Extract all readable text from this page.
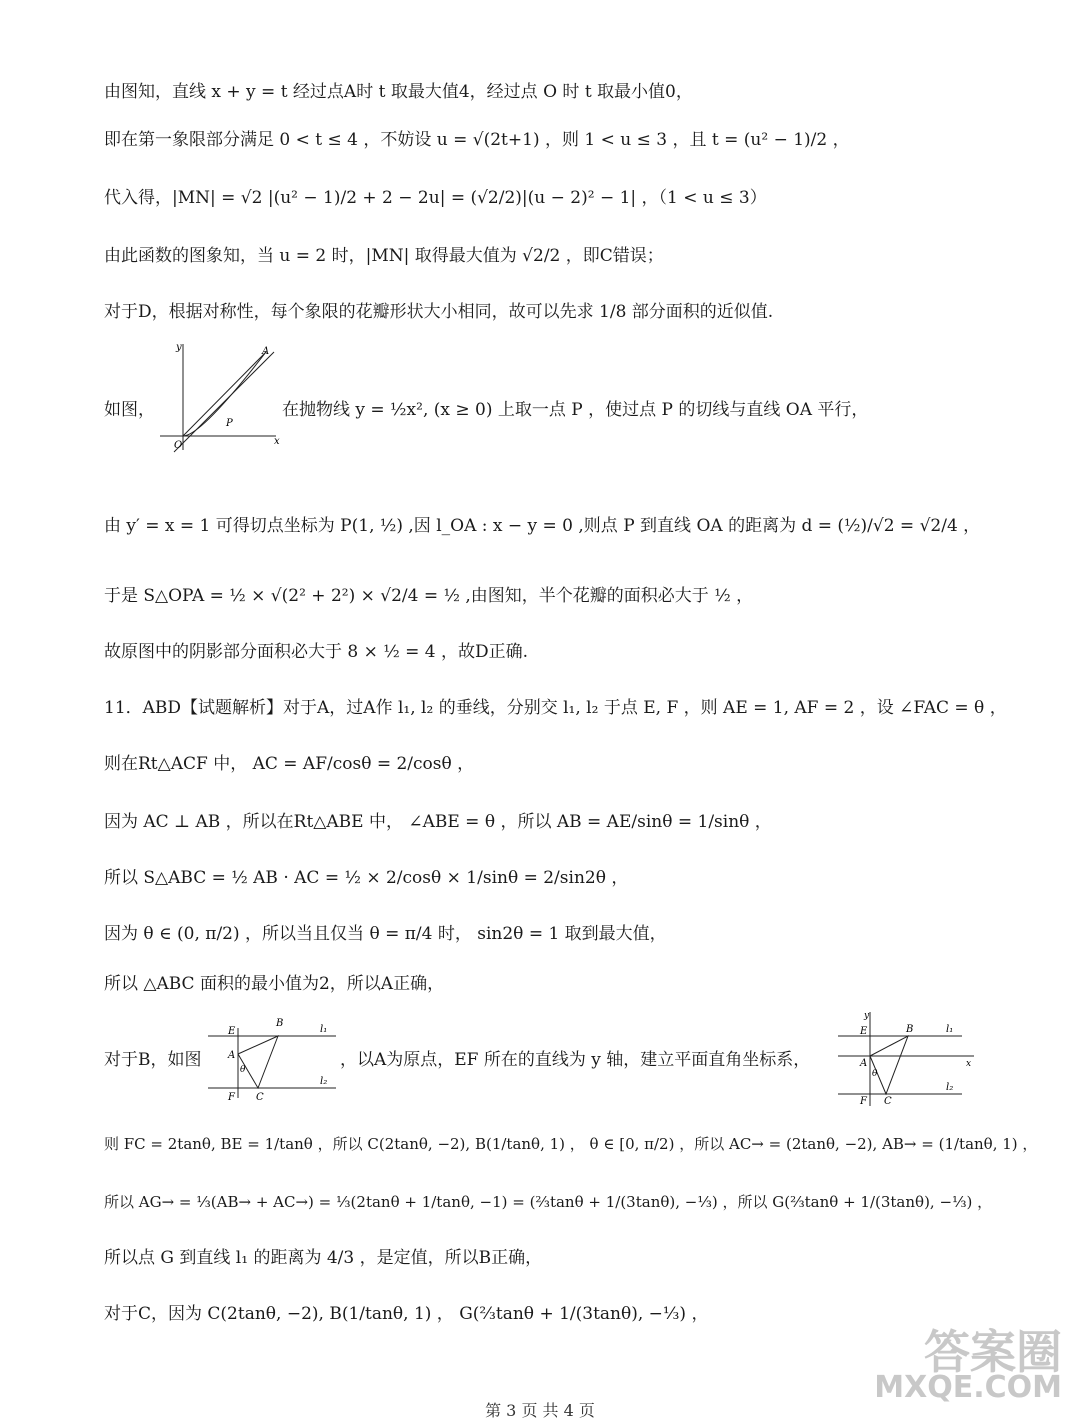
由图知，直线 x + y = t 经过点A时 t 取最大值4，经过点 O 时 t 取最小值0，
即在第一象限部分满足 0 < t ≤ 4 ，不妨设 u = √(2t+1) ，则 1 < u ≤ 3 ，且 t = (u² − 1)/2 ，
代入得，|MN| = √2 |(u² − 1)/2 + 2 − 2u| = (√2/2)|(u − 2)² − 1| ，（1 < u ≤ 3）
由此函数的图象知，当 u = 2 时，|MN| 取得最大值为 √2/2 ，即C错误；
对于D，根据对称性，每个象限的花瓣形状大小相同，故可以先求 1/8 部分面积的近似值.
如图，	在抛物线 y = ½x², (x ≥ 0) 上取一点 P ，使过点 P 的切线与直线 OA 平行，
由 y′ = x = 1 可得切点坐标为 P(1, ½) ,因 l_OA : x − y = 0 ,则点 P 到直线 OA 的距离为 d = (½)/√2 = √2/4 ，
于是 S△OPA = ½ × √(2² + 2²) × √2/4 = ½ ,由图知，半个花瓣的面积必大于 ½ ，
故原图中的阴影部分面积必大于 8 × ½ = 4 ，故D正确.
11．ABD【试题解析】对于A，过A作 l₁, l₂ 的垂线，分别交 l₁, l₂ 于点 E, F ，则 AE = 1, AF = 2 ，设 ∠FAC = θ ，
则在Rt△ACF 中， AC = AF/cosθ = 2/cosθ ，
因为 AC ⊥ AB ，所以在Rt△ABE 中， ∠ABE = θ ，所以 AB = AE/sinθ = 1/sinθ ，
所以 S△ABC = ½ AB · AC = ½ × 2/cosθ × 1/sinθ = 2/sin2θ ，
因为 θ ∈ (0, π/2) ，所以当且仅当 θ = π/4 时， sin2θ = 1 取到最大值，
所以 △ABC 面积的最小值为2，所以A正确，
对于B，如图	，以A为原点，EF 所在的直线为 y 轴，建立平面直角坐标系，
则 FC = 2tanθ, BE = 1/tanθ ，所以 C(2tanθ, −2), B(1/tanθ, 1) ， θ ∈ [0, π/2) ，所以 AC→ = (2tanθ, −2), AB→ = (1/tanθ, 1) ，
所以 AG→ = ⅓(AB→ + AC→) = ⅓(2tanθ + 1/tanθ, −1) = (⅔tanθ + 1/(3tanθ), −⅓) ，所以 G(⅔tanθ + 1/(3tanθ), −⅓) ，
所以点 G 到直线 l₁ 的距离为 4/3 ，是定值，所以B正确，
对于C，因为 C(2tanθ, −2), B(1/tanθ, 1) ， G(⅔tanθ + 1/(3tanθ), −⅓) ，
A
P
O	x
y
E
B
l₁
A
θ
l₂
F C
y
E	B	l₁
x
A
θ
l₂
F C
答案圈
MXQE.COM
第 3 页 共 4 页
